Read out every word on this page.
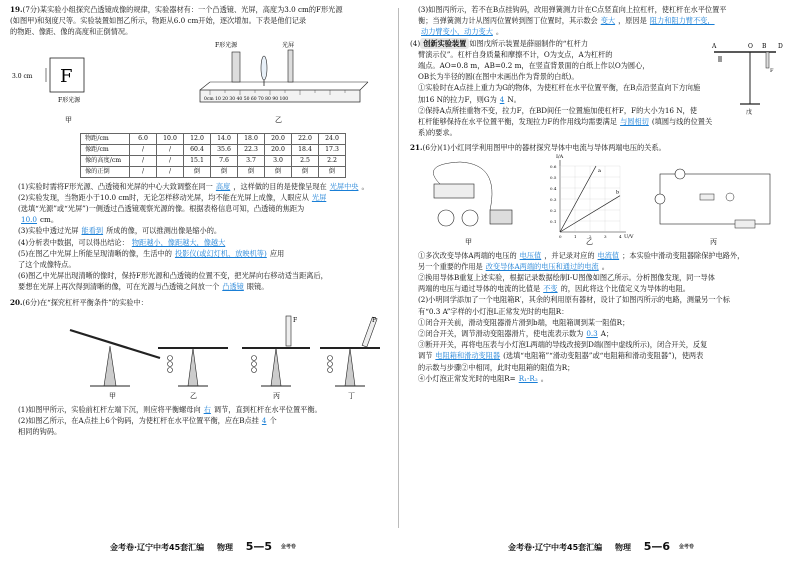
19.(7分)某实验小组探究凸透镜成像的规律，实验器材有：一个凸透镜、光屏，高度为3.0 cm的F形光源

(如图甲)和刻度尺等。实验装置如图乙所示，物距从6.0 cm开始，逐次增加。下表是他们记录

的物距、像距、像的高度和正倒情况。

F
3.0 cm
F形光源
甲
F形光源	光屏
0cm 10 20 30 40 50 60 70 80 90 100
乙
物距/cm	6.0	10.0	12.0	14.0	18.0	20.0	22.0	24.0
像距/cm	/	/	60.4	35.6	22.3	20.0	18.4	17.3
像的高度/cm	/	/	15.1	7.6	3.7	3.0	2.5	2.2
像的正倒	/	/	倒	倒	倒	倒	倒	倒

(1)实验时需将F形光源、凸透镜和光屏的中心大致调整在同一 高度 ，这样做的目的是使像呈现在 光屏中央 。

(2)实验发现，当物距小于10.0 cm时，无论怎样移动光屏，均不能在光屏上成像，人眼应从 光屏

(选填“光源”或“光屏”)一侧透过凸透镜观察光源的像。根据表格信息可知，凸透镜的焦距为

10.0 cm。

(3)实验中透过光屏 能看到 所成的像，可以推测出像是缩小的。

(4)分析表中数据，可以得出结论： 物距越小，像距越大，像越大

(5)在图乙中光屏上所能呈现清晰的像，生活中的 投影仪(或幻灯机、放映机等) 应用

了这个成像特点。

(6)图乙中光屏出现清晰的像时，保持F形光源和凸透镜的位置不变，把光屏向右移动适当距离后，

要想在光屏上再次得到清晰的像，可在光源与凸透镜之间放一个 凸透镜 眼镜。

20.(6分)在“探究杠杆平衡条件”的实验中：

甲	乙
F
丙
F
丁

(1)如图甲所示，实验前杠杆左端下沉，则应将平衡螺母向 右 调节，直到杠杆在水平位置平衡。

(2)如图乙所示，在A点挂上6个钩码，为使杠杆在水平位置平衡，应在B点挂 4 个

相同的钩码。

金考卷·辽宁中考45套汇编 物理 5—5 金考卷

(3)如图丙所示，若不在B点挂钩码，改用弹簧测力计在C点竖直向上拉杠杆，使杠杆在水平位置平

衡；当弹簧测力计从图丙位置转到图丁位置时，其示数会 变大 ，原因是 阻力和阻力臂不变，

动力臂变小，动力变大 。

A	O B D
F
戊

(4) 创新实验装置 如图戊所示装置是薛丽制作的“杠杆力

臂演示仪”。杠杆自身质量和摩擦不计，O为支点，A为杠杆的

端点。AO=0.8 m，AB=0.2 m，在竖直背景面的白纸上作以O为圆心，

OB长为半径的圆(在图中未画出作为背景的白纸)。

①实验时在A点挂上重力为G的物体，为使杠杆在水平位置平衡，在B点沿竖直向下方向施

加16 N的拉力F，则G为 4 N。

②保持A点所挂重物不变，拉力F，在BD间任一位置施加使杠杆F，F的大小为16 N，使

杠杆能够保持在水平位置平衡，发现拉力F的作用线均需要满足 与圆相切 (填圆与线的位置关

系)的要求。

21.(6分)(1)小红同学利用图甲中的器材探究导体中电流与导体两端电压的关系。

甲
0.6
0.5
0.4
0.3
0.2
0.1
0	1	2	3	4
a
b
I/A
U/V
乙	丙

①多次改变导体A两端的电压的 电压值 ，并记录对应的 电流值 ；本实验中滑动变阻器除保护电路外，

另一个重要的作用是 改变导体A两端的电压和通过的电流 。

②换用导体B重复上述实验，根据记录数据绘制I-U图像如图乙所示。分析图像发现，同一导体

两端的电压与通过导体的电流的比值是 不变 的，因此将这个比值定义为导体的电阻。

(2)小明同学添加了一个电阻箱R′，其余的利用原有器材，设计了如图丙所示的电路，测量另一个标

有“0.3 A”字样的小灯泡L正常发光时的电阻R：

①闭合开关前，滑动变阻器滑片滑到b端，电阻箱调到某一阻值R；

②闭合开关，调节滑动变阻器滑片，使电流表示数为 0.3 A；

③断开开关，再将电压表与小灯泡L两端的导线改接到D端(图中虚线所示)，闭合开关，反复

调节 电阻箱和滑动变阻器 (选填“电阻箱”“滑动变阻器”或“电阻箱和滑动变阻器”)，使两表

的示数与步骤②中相同，此时电阻箱的阻值为R；

④小灯泡正常发光时的电阻R= R₁-R₂ 。

金考卷·辽宁中考45套汇编 物理 5—6 金考卷
